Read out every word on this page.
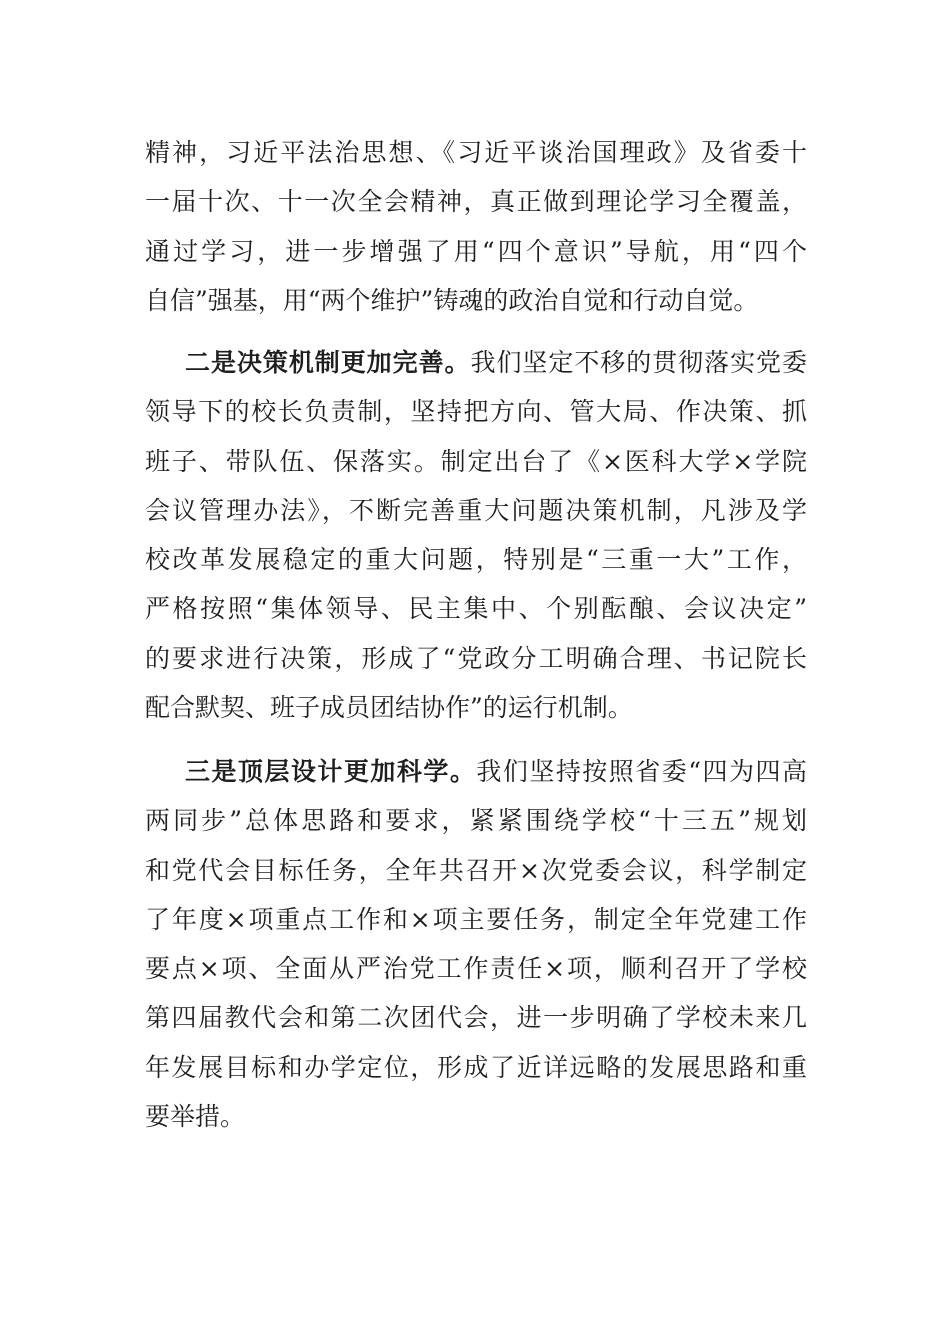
精神，习近平法治思想、《习近平谈治国理政》及省委十
一届十次、十一次全会精神，真正做到理论学习全覆盖，
通过学习，进一步增强了用“四个意识”导航，用“四个
自信”强基，用“两个维护”铸魂的政治自觉和行动自觉。
二是决策机制更加完善。我们坚定不移的贯彻落实党委
领导下的校长负责制，坚持把方向、管大局、作决策、抓
班子、带队伍、保落实。制定出台了《×医科大学×学院
会议管理办法》，不断完善重大问题决策机制，凡涉及学
校改革发展稳定的重大问题，特别是“三重一大”工作，
严格按照“集体领导、民主集中、个别酝酿、会议决定”
的要求进行决策，形成了“党政分工明确合理、书记院长
配合默契、班子成员团结协作”的运行机制。
三是顶层设计更加科学。我们坚持按照省委“四为四高
两同步”总体思路和要求，紧紧围绕学校“十三五”规划
和党代会目标任务，全年共召开×次党委会议，科学制定
了年度×项重点工作和×项主要任务，制定全年党建工作
要点×项、全面从严治党工作责任×项，顺利召开了学校
第四届教代会和第二次团代会，进一步明确了学校未来几
年发展目标和办学定位，形成了近详远略的发展思路和重
要举措。
